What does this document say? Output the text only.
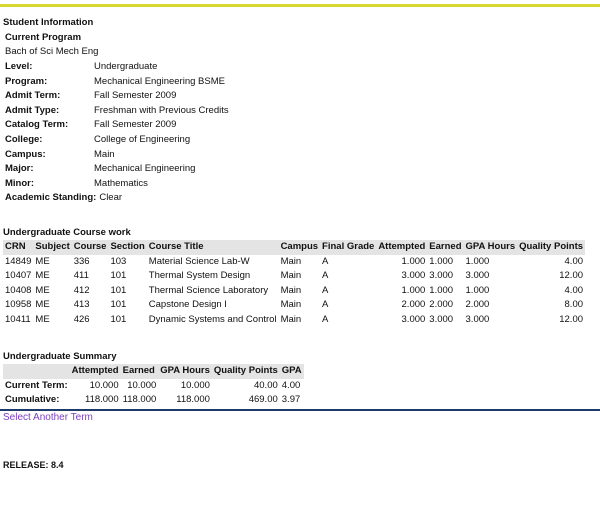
Student Information
Current Program
Bach of Sci Mech Eng
Level:	Undergraduate
Program:	Mechanical Engineering BSME
Admit Term:	Fall Semester 2009
Admit Type:	Freshman with Previous Credits
Catalog Term:	Fall Semester 2009
College:	College of Engineering
Campus:	Main
Major:	Mechanical Engineering
Minor:	Mathematics
Academic Standing: Clear
Undergraduate Course work
CRN	Subject	Course	Section	Course Title	Campus	Final Grade	Attempted	Earned	GPA Hours	Quality Points
14849	ME	336	103	Material Science Lab-W	Main	A	1.000	1.000	1.000	4.00
10407	ME	411	101	Thermal System Design	Main	A	3.000	3.000	3.000	12.00
10408	ME	412	101	Thermal Science Laboratory	Main	A	1.000	1.000	1.000	4.00
10958	ME	413	101	Capstone Design I	Main	A	2.000	2.000	2.000	8.00
10411	ME	426	101	Dynamic Systems and Control	Main	A	3.000	3.000	3.000	12.00
Undergraduate Summary
	Attempted	Earned	GPA Hours	Quality Points	GPA
Current Term:	10.000	10.000	10.000	40.00	4.00
Cumulative:	118.000	118.000	118.000	469.00	3.97
Select Another Term
RELEASE: 8.4
